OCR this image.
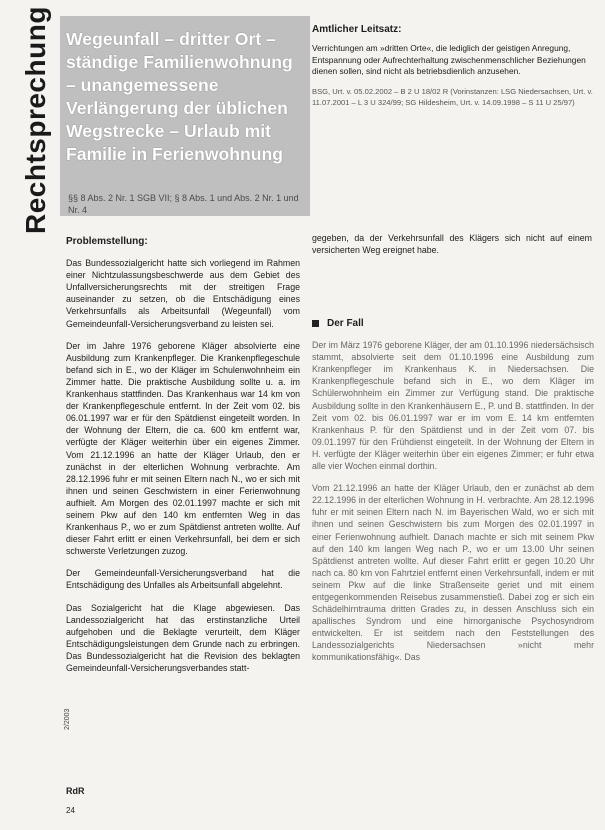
Rechtsprechung Wegeunfall – dritter Ort – ständige Familienwohnung – unangemessene Verlängerung der üblichen Wegstrecke – Urlaub mit Familie in Ferienwohnung
§§ 8 Abs. 2 Nr. 1 SGB VII; § 8 Abs. 1 und Abs. 2 Nr. 1 und Nr. 4
Amtlicher Leitsatz:
Verrichtungen am »dritten Orte«, die lediglich der geistigen Anregung, Entspannung oder Aufrechterhaltung zwischenmenschlicher Beziehungen dienen sollen, sind nicht als betriebsdienlich anzusehen.
BSG, Urt. v. 05.02.2002 – B 2 U 18/02 R (Vorinstanzen: LSG Niedersachsen, Urt. v. 11.07.2001 – L 3 U 324/99; SG Hildesheim, Urt. v. 14.09.1998 – S 11 U 25/97)
Problemstellung:

Das Bundessozialgericht hatte sich vorliegend im Rahmen einer Nichtzulassungsbeschwerde aus dem Gebiet des Unfallversicherungsrechts mit der streitigen Frage auseinander zu setzen, ob die Entschädigung eines Verkehrsunfalls als Arbeitsunfall (Wegeunfall) vom Gemeindeunfall-Versicherungsverband zu leisten sei.

Der im Jahre 1976 geborene Kläger absolvierte eine Ausbildung zum Krankenpfleger. Die Krankenpflegeschule befand sich in E., wo der Kläger im Schulenwohnheim ein Zimmer hatte. Die praktische Ausbildung sollte u. a. im Krankenhaus stattfinden. Das Krankenhaus war 14 km von der Krankenpflegeschule entfernt. In der Zeit vom 02. bis 06.01.1997 war er für den Spätdienst eingeteilt worden. In der Wohnung der Eltern, die ca. 600 km entfernt war, verfügte der Kläger weiterhin über ein eigenes Zimmer. Vom 21.12.1996 an hatte der Kläger Urlaub, den er zunächst in der elterlichen Wohnung verbrachte. Am 28.12.1996 fuhr er mit seinen Eltern nach N., wo er sich mit ihnen und seinen Geschwistern in einer Ferienwohnung aufhielt. Am Morgen des 02.01.1997 machte er sich mit seinem Pkw auf den 140 km entfernten Weg in das Krankenhaus P., wo er zum Spätdienst antreten wollte. Auf dieser Fahrt erlitt er einen Verkehrsunfall, bei dem er sich schwerste Verletzungen zuzog.

Der Gemeindeunfall-Versicherungsverband hat die Entschädigung des Unfalles als Arbeitsunfall abgelehnt.

Das Sozialgericht hat die Klage abgewiesen. Das Landessozialgericht hat das erstinstanzliche Urteil aufgehoben und die Beklagte verurteilt, dem Kläger Entschädigungsleistungen dem Grunde nach zu erbringen. Das Bundessozialgericht hat die Revision des beklagten Gemeindeunfall-Versicherungsverbandes statt-

gegeben, da der Verkehrsunfall des Klägers sich nicht auf einem versicherten Weg ereignet habe.
Der Fall

Der im März 1976 geborene Kläger, der am 01.10.1996 niedersächsisch stammt, absolvierte seit dem 01.10.1996 eine Ausbildung zum Krankenpfleger im Krankenhaus K. in Niedersachsen. Die Krankenpflegeschule befand sich in E., wo dem Kläger im Schülerwohnheim ein Zimmer zur Verfügung stand. Die praktische Ausbildung sollte in den Krankenhäusern E., P. und B. stattfinden. In der Zeit vom 02. bis 06.01.1997 war er im vom E. 14 km entfernten Krankenhaus P. für den Spätdienst und in der Zeit vom 07. bis 09.01.1997 für den Frühdienst eingeteilt. In der Wohnung der Eltern in H. verfügte der Kläger weiterhin über ein eigenes Zimmer; er fuhr etwa alle vier Wochen einmal dorthin.

Vom 21.12.1996 an hatte der Kläger Urlaub, den er zunächst ab dem 22.12.1996 in der elterlichen Wohnung in H. verbrachte. Am 28.12.1996 fuhr er mit seinen Eltern nach N. im Bayerischen Wald, wo er sich mit ihnen und seinen Geschwistern bis zum Morgen des 02.01.1997 in einer Ferienwohnung aufhielt. Danach machte er sich mit seinem Pkw auf den 140 km langen Weg nach P., wo er um 13.00 Uhr seinen Spätdienst antreten wollte. Auf dieser Fahrt erlitt er gegen 10.20 Uhr nach ca. 80 km von Fahrtziel entfernt einen Verkehrsunfall, indem er mit seinem Pkw auf die linke Straßenseite geriet und mit einem entgegenkommenden Reisebus zusammenstieß. Dabei zog er sich ein Schädelhirntrauma dritten Grades zu, in dessen Anschluss sich ein apallisches Syndrom und eine hirnorganische Psychosyndrom entwickelten. Er ist seitdem nach den Feststellungen des Landessozialgerichts Niedersachsen »nicht mehr kommunikationsfähig«. Das

2/2003
RdR
24
